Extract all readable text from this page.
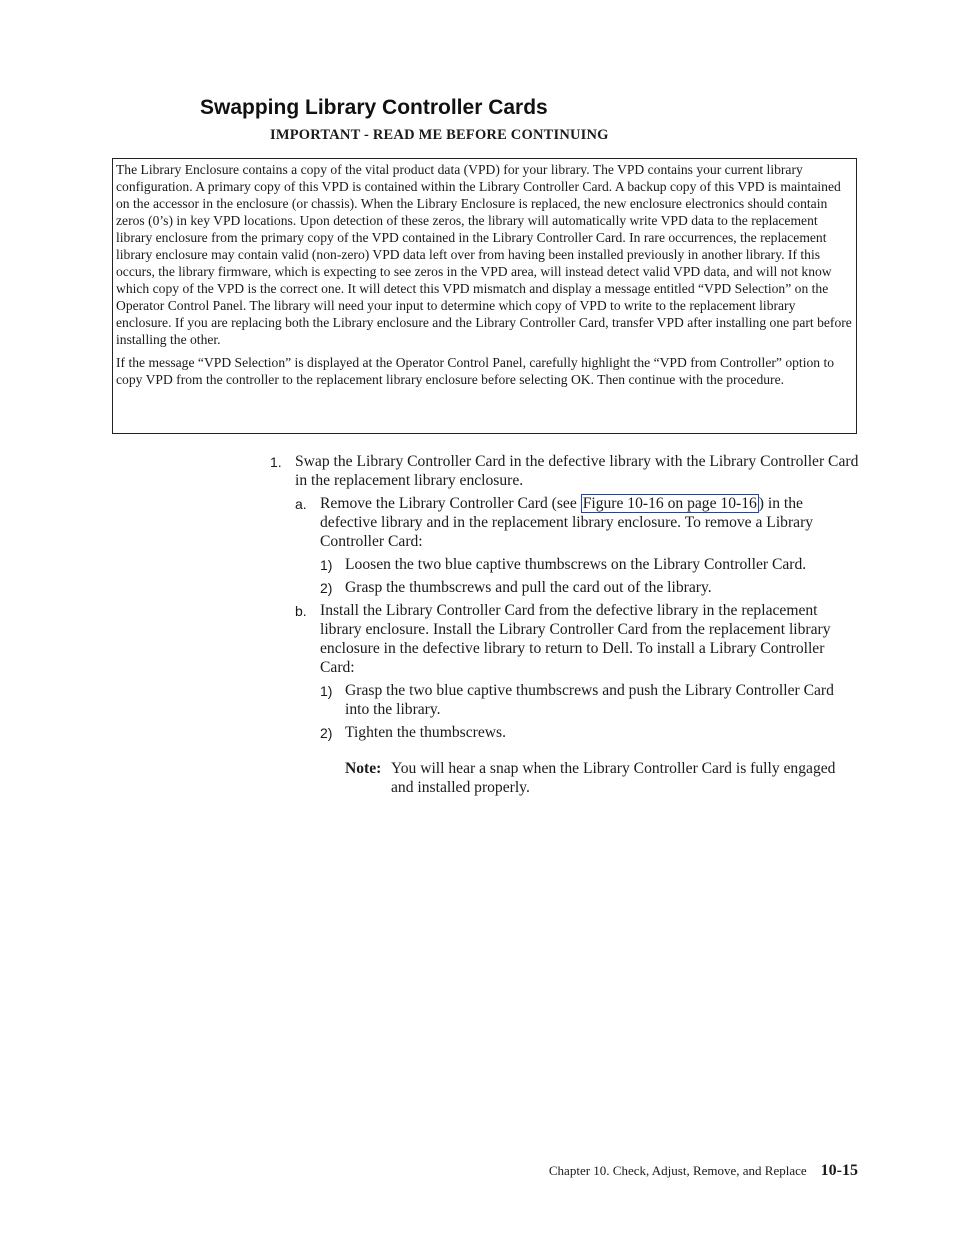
Swapping Library Controller Cards
IMPORTANT - READ ME BEFORE CONTINUING

The Library Enclosure contains a copy of the vital product data (VPD) for your library. The VPD contains your current library configuration. A primary copy of this VPD is contained within the Library Controller Card. A backup copy of this VPD is maintained on the accessor in the enclosure (or chassis). When the Library Enclosure is replaced, the new enclosure electronics should contain zeros (0’s) in key VPD locations. Upon detection of these zeros, the library will automatically write VPD data to the replacement library enclosure from the primary copy of the VPD contained in the Library Controller Card. In rare occurrences, the replacement library enclosure may contain valid (non-zero) VPD data left over from having been installed previously in another library. If this occurs, the library firmware, which is expecting to see zeros in the VPD area, will instead detect valid VPD data, and will not know which copy of the VPD is the correct one. It will detect this VPD mismatch and display a message entitled “VPD Selection” on the Operator Control Panel. The library will need your input to determine which copy of VPD to write to the replacement library enclosure. If you are replacing both the Library enclosure and the Library Controller Card, transfer VPD after installing one part before installing the other.

If the message “VPD Selection” is displayed at the Operator Control Panel, carefully highlight the “VPD from Controller” option to copy VPD from the controller to the replacement library enclosure before selecting OK. Then continue with the procedure.

1. Swap the Library Controller Card in the defective library with the Library Controller Card in the replacement library enclosure.
a. Remove the Library Controller Card (see Figure 10-16 on page 10-16 ) in the defective library and in the replacement library enclosure. To remove a Library Controller Card:
1) Loosen the two blue captive thumbscrews on the Library Controller Card.
2) Grasp the thumbscrews and pull the card out of the library.
b. Install the Library Controller Card from the defective library in the replacement library enclosure. Install the Library Controller Card from the replacement library enclosure in the defective library to return to Dell. To install a Library Controller Card:
1) Grasp the two blue captive thumbscrews and push the Library Controller Card into the library.
2) Tighten the thumbscrews.
Note: You will hear a snap when the Library Controller Card is fully engaged and installed properly.
Chapter 10. Check, Adjust, Remove, and Replace 10-15
